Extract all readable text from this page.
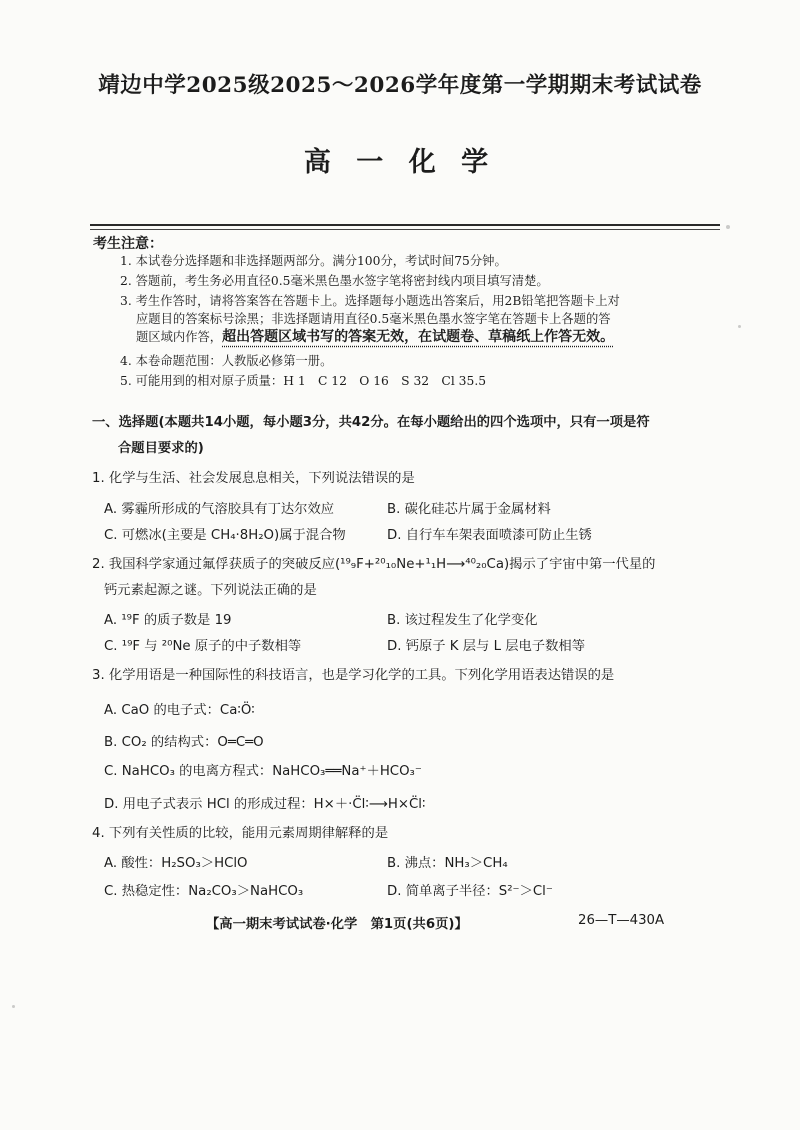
靖边中学2025级2025～2026学年度第一学期期末考试试卷
高 一 化 学
考生注意：
1. 本试卷分选择题和非选择题两部分。满分100分，考试时间75分钟。
2. 答题前，考生务必用直径0.5毫米黑色墨水签字笔将密封线内项目填写清楚。
3. 考生作答时，请将答案答在答题卡上。选择题每小题选出答案后，用2B铅笔把答题卡上对
应题目的答案标号涂黑；非选择题请用直径0.5毫米黑色墨水签字笔在答题卡上各题的答
题区域内作答，超出答题区域书写的答案无效，在试题卷、草稿纸上作答无效。
4. 本卷命题范围：人教版必修第一册。
5. 可能用到的相对原子质量：H 1　C 12　O 16　S 32　Cl 35.5
一、选择题(本题共14小题，每小题3分，共42分。在每小题给出的四个选项中，只有一项是符
合题目要求的)
1. 化学与生活、社会发展息息相关，下列说法错误的是
A. 雾霾所形成的气溶胶具有丁达尔效应	B. 碳化硅芯片属于金属材料
C. 可燃冰(主要是 CH₄·8H₂O)属于混合物	D. 自行车车架表面喷漆可防止生锈
2. 我国科学家通过氟俘获质子的突破反应(¹⁹₉F+²⁰₁₀Ne+¹₁H⟶⁴⁰₂₀Ca)揭示了宇宙中第一代星的
钙元素起源之谜。下列说法正确的是
A. ¹⁹F 的质子数是 19	B. 该过程发生了化学变化
C. ¹⁹F 与 ²⁰Ne 原子的中子数相等	D. 钙原子 K 层与 L 层电子数相等
3. 化学用语是一种国际性的科技语言，也是学习化学的工具。下列化学用语表达错误的是
A. CaO 的电子式：Ca∶Ö∶
B. CO₂ 的结构式：O═C═O
C. NaHCO₃ 的电离方程式：NaHCO₃══Na⁺＋HCO₃⁻
D. 用电子式表示 HCl 的形成过程：H×＋·C̈l∶⟶H×C̈l∶
4. 下列有关性质的比较，能用元素周期律解释的是
A. 酸性：H₂SO₃＞HClO	B. 沸点：NH₃＞CH₄
C. 热稳定性：Na₂CO₃＞NaHCO₃	D. 简单离子半径：S²⁻＞Cl⁻
【高一期末考试试卷·化学　第1页(共6页)】	26—T—430A
